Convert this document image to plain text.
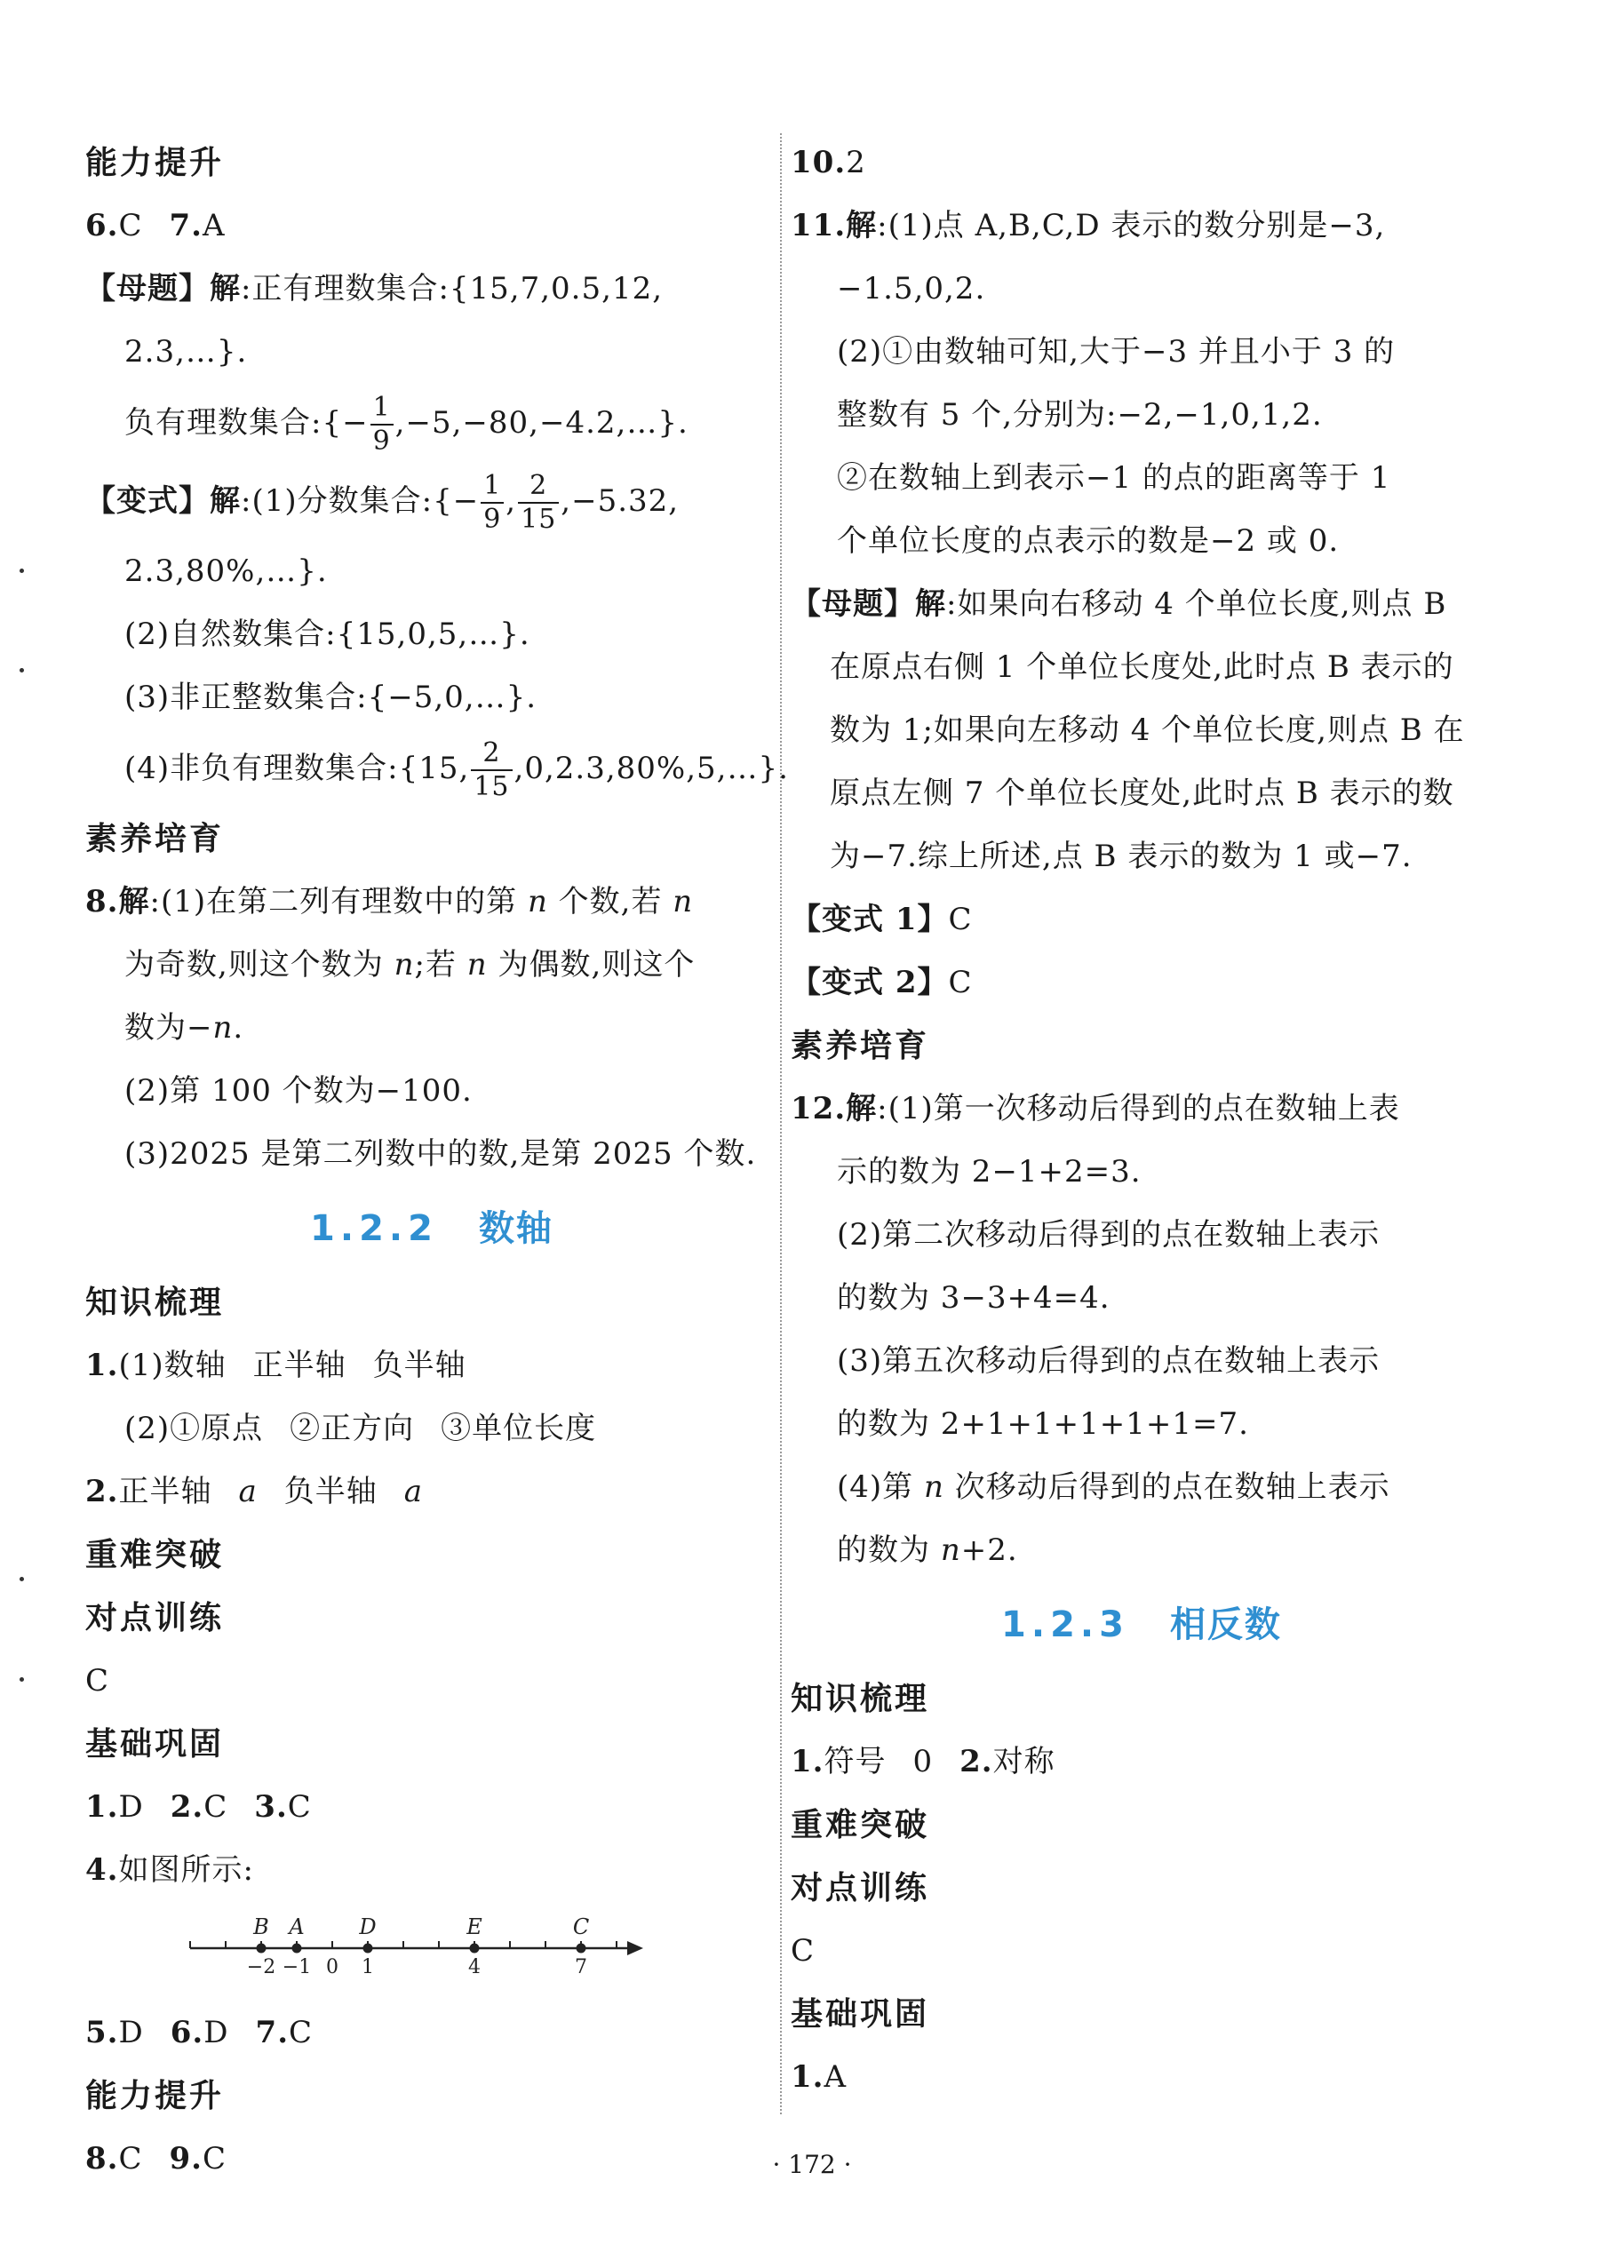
能力提升
6.C 7.A
【母题】解:正有理数集合:{15,7,0.5,12,
2.3,…}.
负有理数集合:{− $\frac{1}{9}$ ,−5,−80,−4.2,…}.
【变式】解:(1)分数集合:{− $\frac{1}{9}$ , $\frac{2}{15} ,-5.32$,
2.3,80%,…}.
(2)自然数集合:{15,0,5,…}.
(3)非正整数集合:{−5,0,…}.
(4)非负有理数集合:{15, $\frac{2}{15}$ ,0,2.3,80%,5,…}.
素养培育
8.解:(1)在第二列有理数中的第 n 个数,若 n
为奇数,则这个数为 n;若 n 为偶数,则这个
数为−n.
(2)第 100 个数为−100.
(3)2025 是第二列数中的数,是第 2025 个数.
1.2.2 数轴
知识梳理
1.(1)数轴 正半轴 负半轴
(2)①原点 ②正方向 ③单位长度
2.正半轴 a 负半轴 a
重难突破
对点训练
C
基础巩固
1.D 2.C 3.C
4.如图所示:
−2 −1 0 1	4	7
B A	D	E	C
5.D 6.D 7.C
能力提升
8.C 9.C
10.2
11.解:(1)点 A,B,C,D 表示的数分别是−3,
−1.5,0,2.
(2)①由数轴可知,大于−3 并且小于 3 的
整数有 5 个,分别为:−2,−1,0,1,2.
②在数轴上到表示−1 的点的距离等于 1
个单位长度的点表示的数是−2 或 0.
【母题】解:如果向右移动 4 个单位长度,则点 B
在原点右侧 1 个单位长度处,此时点 B 表示的
数为 1;如果向左移动 4 个单位长度,则点 B 在
原点左侧 7 个单位长度处,此时点 B 表示的数
为−7.综上所述,点 B 表示的数为 1 或−7.
【变式 1】C
【变式 2】C
素养培育
12.解:(1)第一次移动后得到的点在数轴上表
示的数为 2−1+2=3.
(2)第二次移动后得到的点在数轴上表示
的数为 3−3+4=4.
(3)第五次移动后得到的点在数轴上表示
的数为 2+1+1+1+1+1=7.
(4)第 n 次移动后得到的点在数轴上表示
的数为 n+2.
1.2.3 相反数
知识梳理
1.符号 0 2.对称
重难突破
对点训练
C
基础巩固
1.A
· 172 ·
